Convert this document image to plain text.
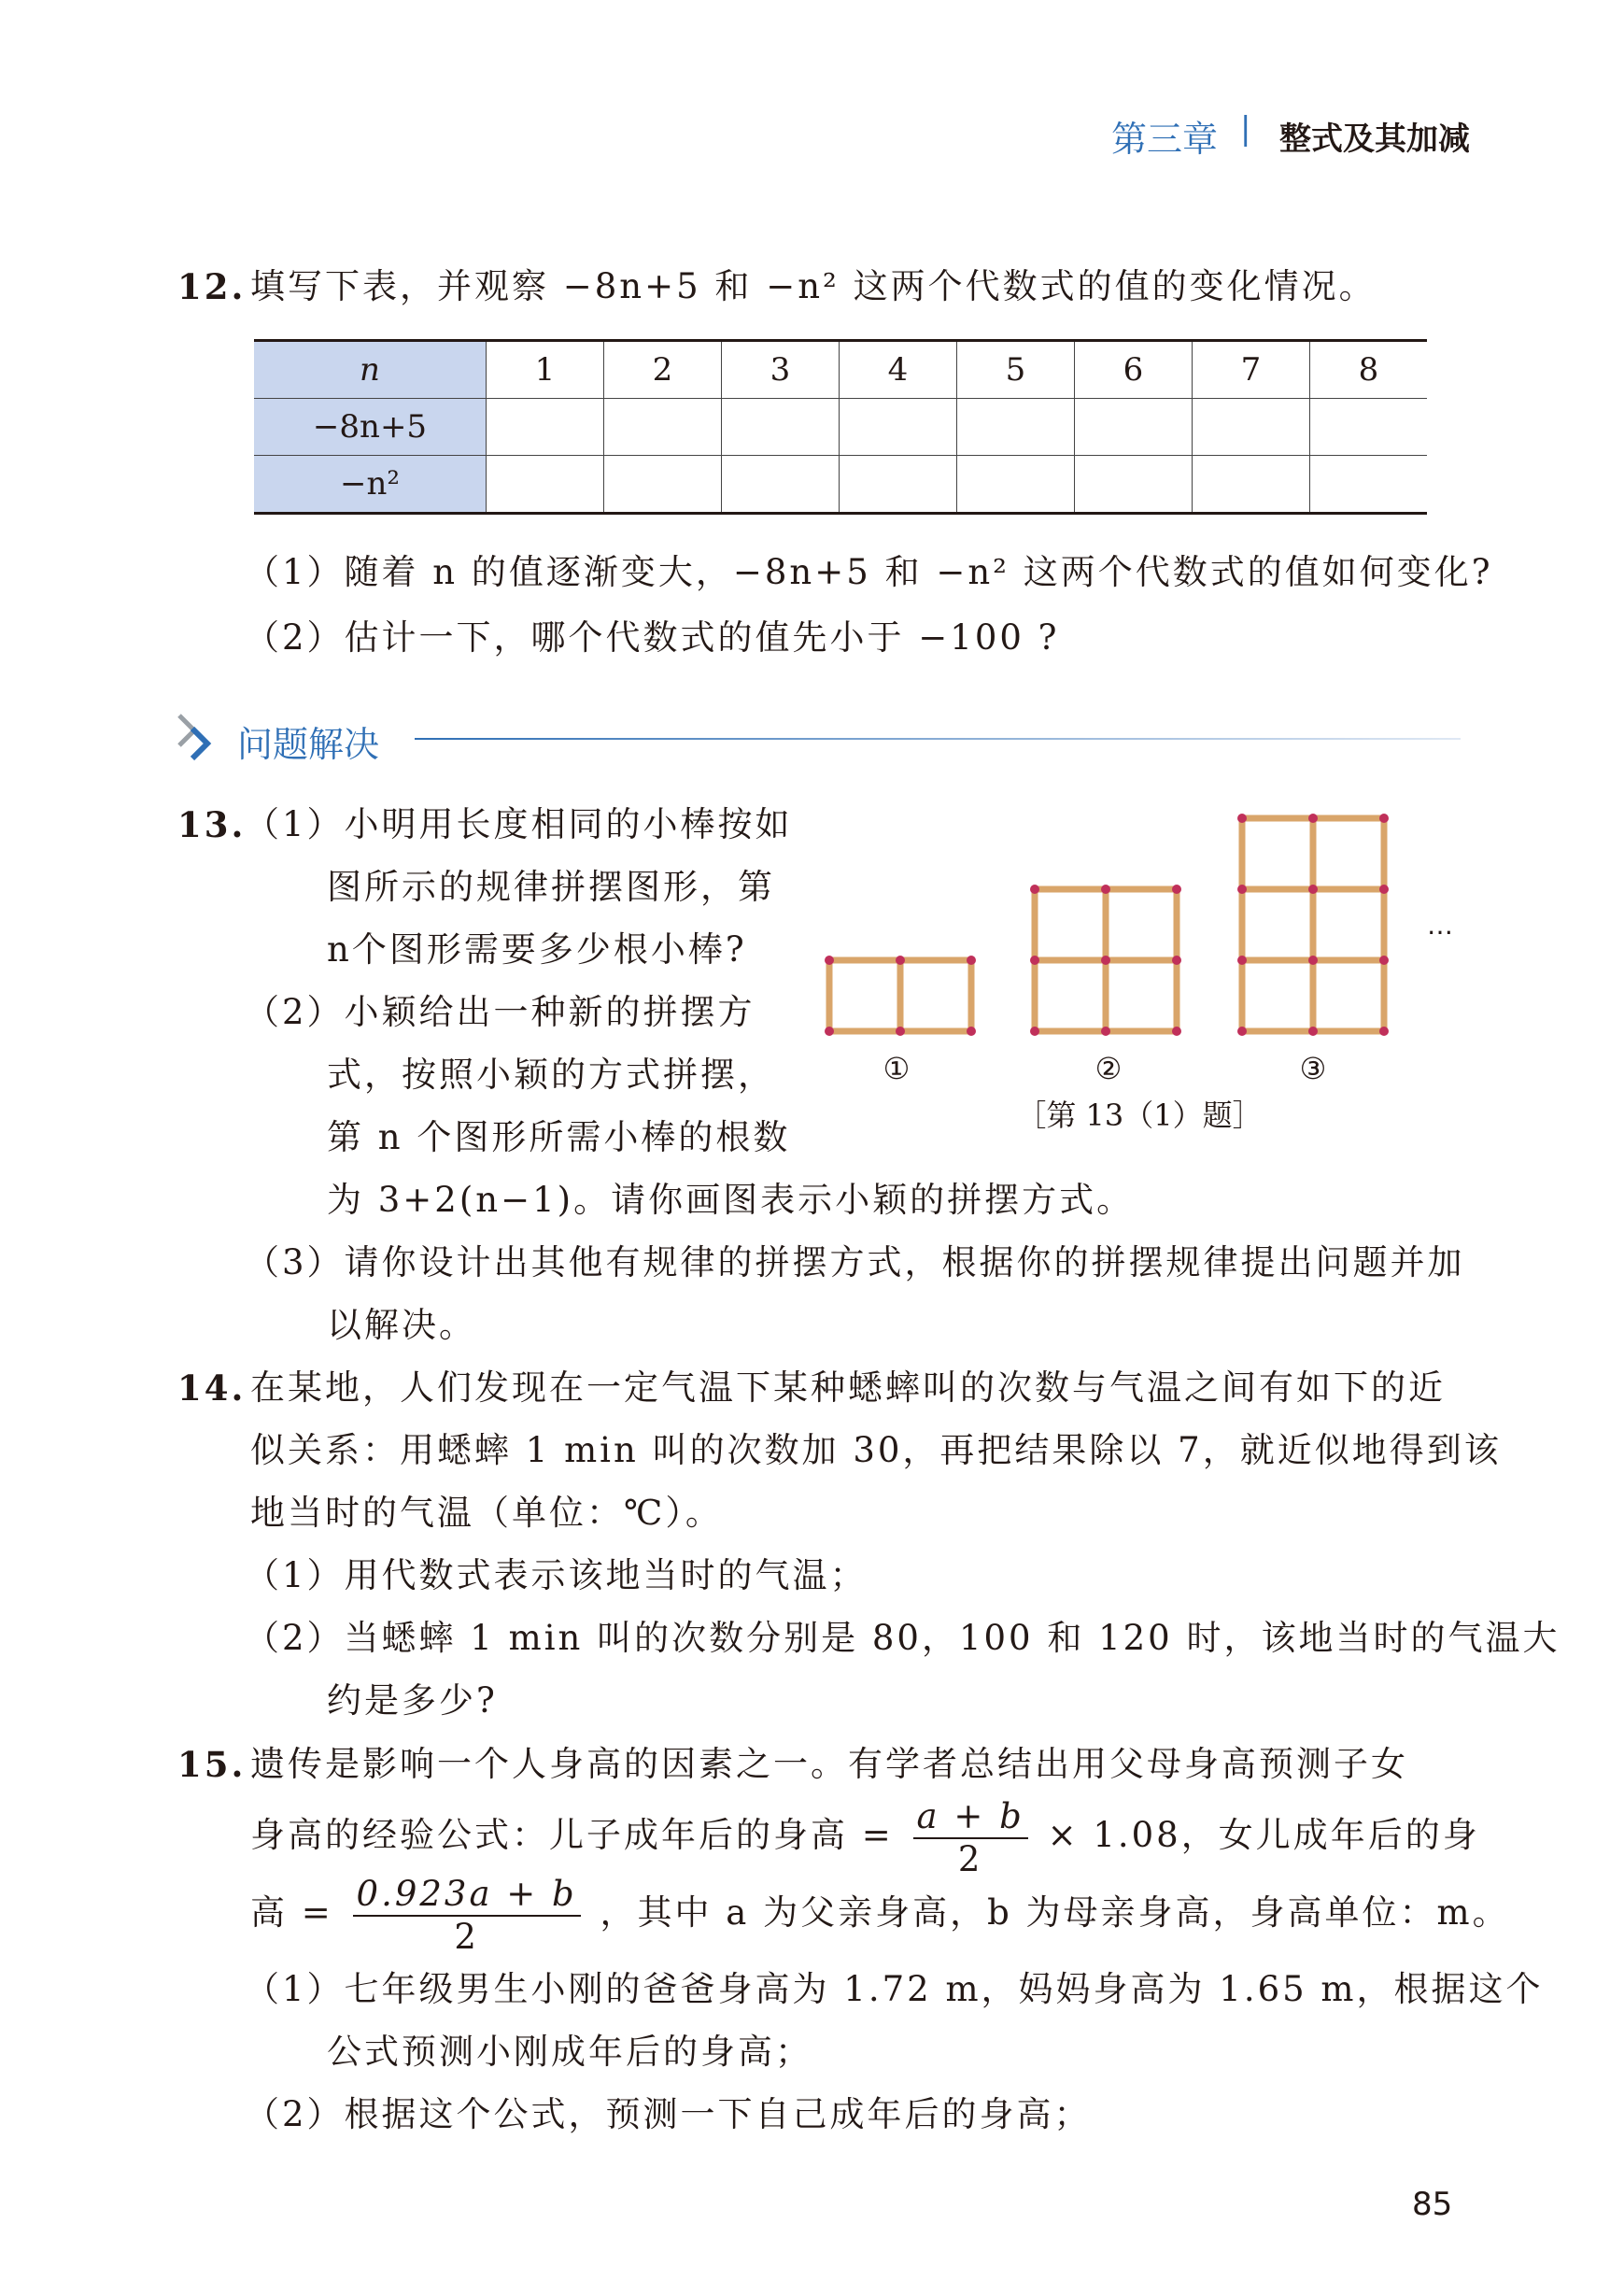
第三章 | 整式及其加减
12. 填写下表，并观察 −8n+5 和 −n² 这两个代数式的值的变化情况。
n	1	2	3	4	5	6	7	8
−8n+5								
−n²								
（1）随着 n 的值逐渐变大，−8n+5 和 −n² 这两个代数式的值如何变化?
（2）估计一下，哪个代数式的值先小于 −100 ?
问题解决
13.
（1）小明用长度相同的小棒按如
图所示的规律拼摆图形，第
n个图形需要多少根小棒?
（2）小颖给出一种新的拼摆方
式，按照小颖的方式拼摆，
第 n 个图形所需小棒的根数
为 3+2(n−1)。请你画图表示小颖的拼摆方式。
（3）请你设计出其他有规律的拼摆方式，根据你的拼摆规律提出问题并加
以解决。
①	②	③
…
［第 13（1）题］
14. 在某地，人们发现在一定气温下某种蟋蟀叫的次数与气温之间有如下的近
似关系：用蟋蟀 1 min 叫的次数加 30，再把结果除以 7，就近似地得到该
地当时的气温（单位：℃）。
（1）用代数式表示该地当时的气温；
（2）当蟋蟀 1 min 叫的次数分别是 80，100 和 120 时，该地当时的气温大
约是多少?
15. 遗传是影响一个人身高的因素之一。有学者总结出用父母身高预测子女
身高的经验公式：儿子成年后的身高 = $\frac{a + b}{2} \times 1.08$，女儿成年后的身
高 = $\frac{0.923a + b}{2}$ ，其中 a 为父亲身高，b 为母亲身高，身高单位：m。
（1）七年级男生小刚的爸爸身高为 1.72 m，妈妈身高为 1.65 m，根据这个
公式预测小刚成年后的身高；
（2）根据这个公式，预测一下自己成年后的身高；
85
